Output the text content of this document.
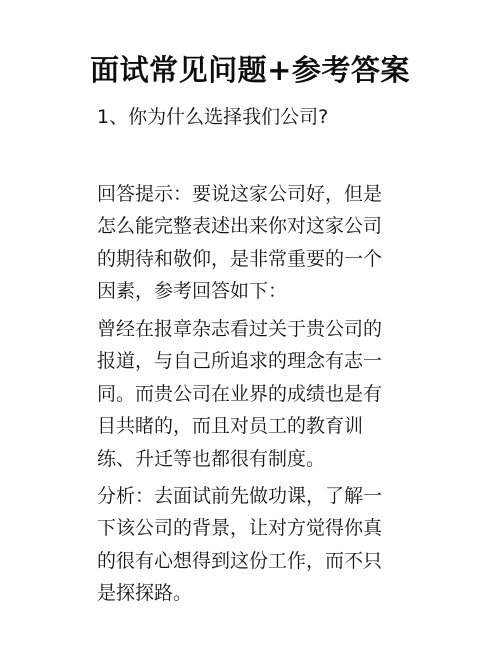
面试常见问题+参考答案
1、你为什么选择我们公司?

回答提示：要说这家公司好，但是
怎么能完整表述出来你对这家公司
的期待和敬仰，是非常重要的一个
因素，参考回答如下：

曾经在报章杂志看过关于贵公司的
报道，与自己所追求的理念有志一
同。而贵公司在业界的成绩也是有
目共睹的，而且对员工的教育训
练、升迁等也都很有制度。

分析：去面试前先做功课，了解一
下该公司的背景，让对方觉得你真
的很有心想得到这份工作，而不只
是探探路。
